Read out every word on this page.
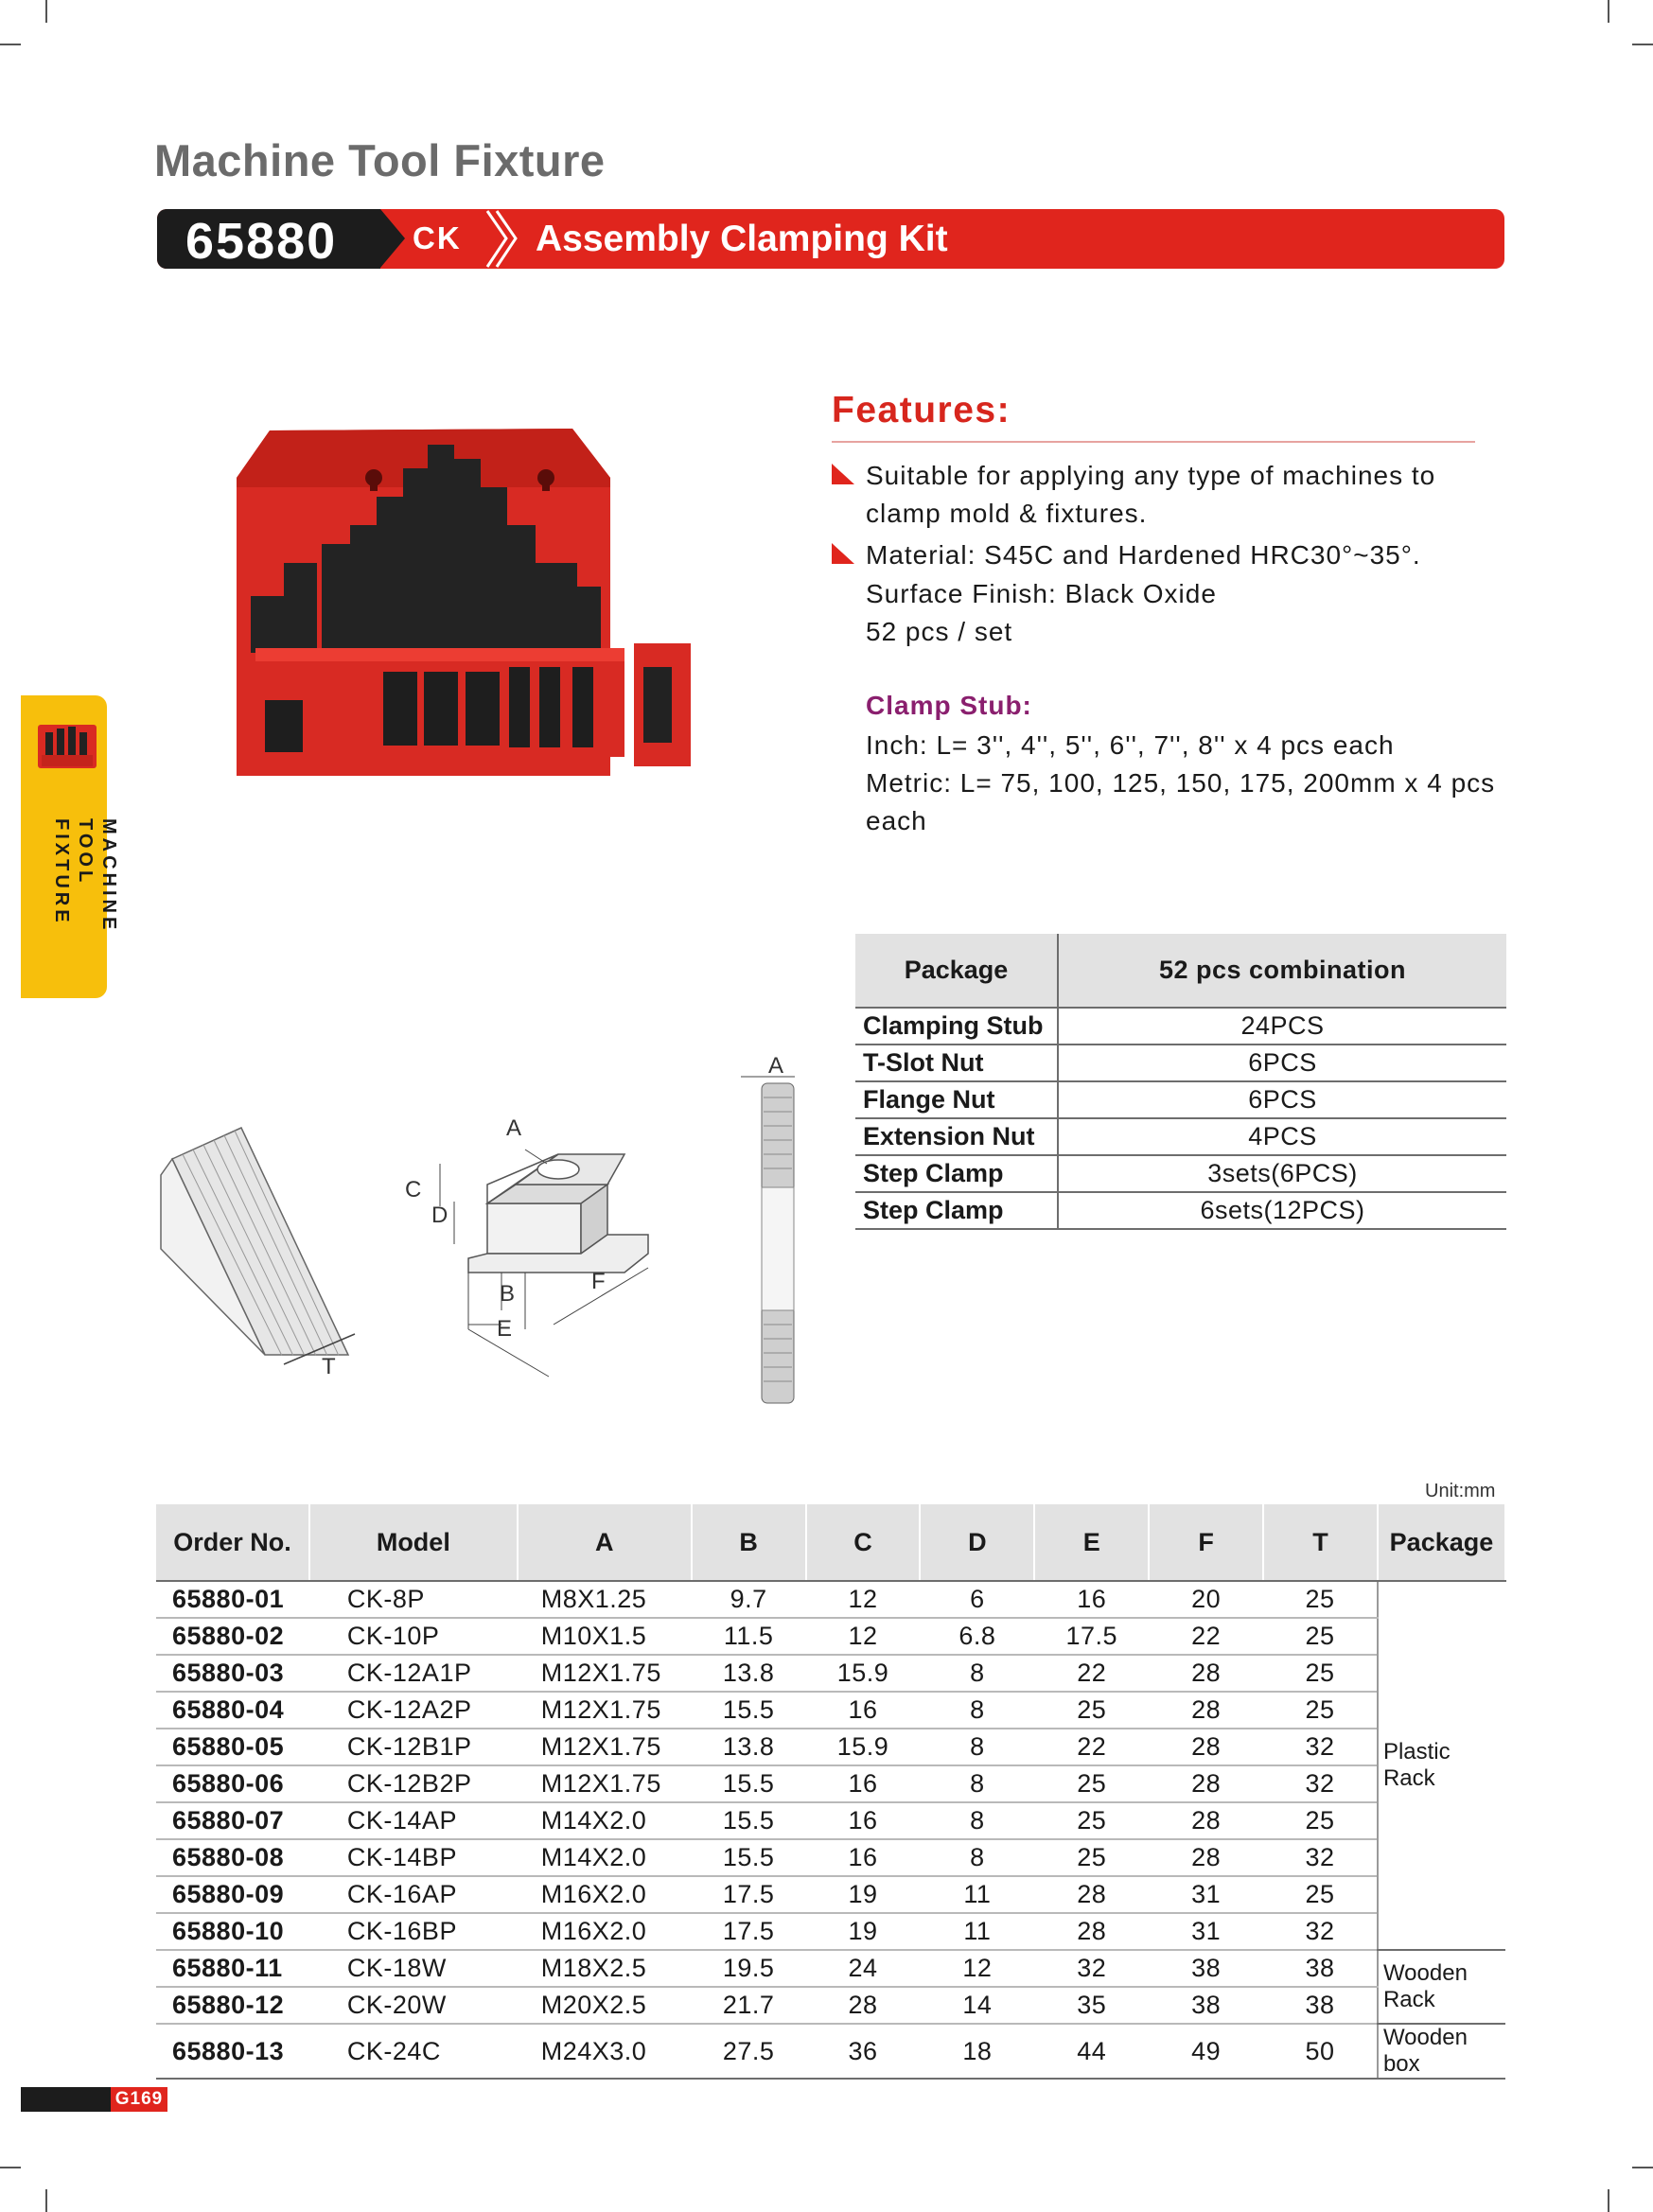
Machine Tool Fixture
65880 CK Assembly Clamping Kit
MACHINE TOOL
FIXTURE
Features:
Suitable for applying any type of machines to
clamp mold & fixtures.
Material: S45C and Hardened HRC30°~35°.
Surface Finish: Black Oxide
52 pcs / set
Clamp Stub:
Inch: L= 3'', 4'', 5'', 6'', 7'', 8'' x 4 pcs each
Metric: L= 75, 100, 125, 150, 175, 200mm x 4 pcs
each
Package	52 pcs combination
Clamping Stub	24PCS
T-Slot Nut	6PCS
Flange Nut	6PCS
Extension Nut	4PCS
Step Clamp	3sets(6PCS)
Step Clamp	6sets(12PCS)
T
A
C
D
B
E
F
A
Unit:mm
Order No.	Model	A	B	C	D	E	F	T	Package
65880-01	CK-8P	M8X1.25	9.7	12	6	16	20	25	Plastic Rack
65880-02	CK-10P	M10X1.5	11.5	12	6.8	17.5	22	25	
65880-03	CK-12A1P	M12X1.75	13.8	15.9	8	22	28	25	
65880-04	CK-12A2P	M12X1.75	15.5	16	8	25	28	25	
65880-05	CK-12B1P	M12X1.75	13.8	15.9	8	22	28	32	
65880-06	CK-12B2P	M12X1.75	15.5	16	8	25	28	32	
65880-07	CK-14AP	M14X2.0	15.5	16	8	25	28	25	
65880-08	CK-14BP	M14X2.0	15.5	16	8	25	28	32	
65880-09	CK-16AP	M16X2.0	17.5	19	11	28	31	25	
65880-10	CK-16BP	M16X2.0	17.5	19	11	28	31	32	
65880-11	CK-18W	M18X2.5	19.5	24	12	32	38	38	Wooden Rack
65880-12	CK-20W	M20X2.5	21.7	28	14	35	38	38	
65880-13	CK-24C	M24X3.0	27.5	36	18	44	49	50	Wooden box
G169
